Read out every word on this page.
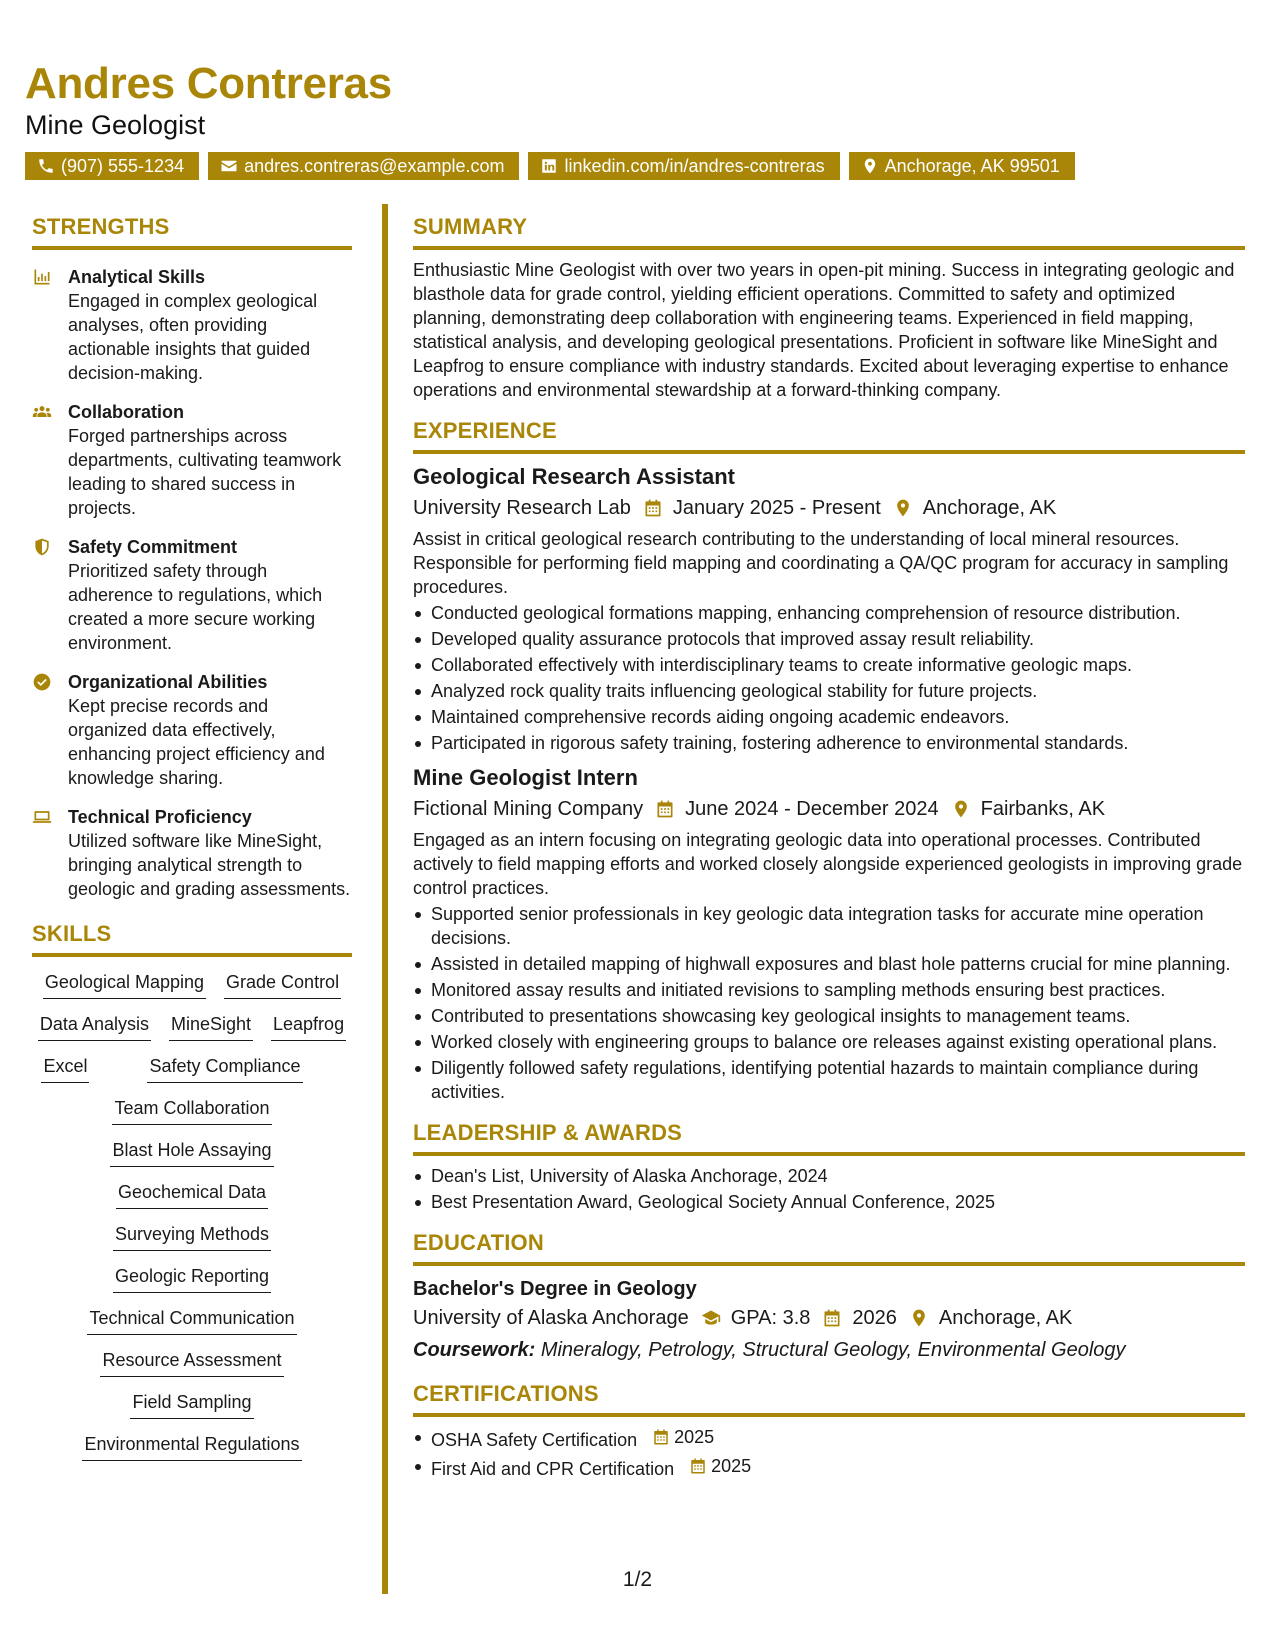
Andres Contreras
Mine Geologist
(907) 555-1234	andres.contreras@example.com	linkedin.com/in/andres-contreras	Anchorage, AK 99501
STRENGTHS
Analytical Skills
Engaged in complex geological analyses, often providing actionable insights that guided decision-making.
Collaboration
Forged partnerships across departments, cultivating teamwork leading to shared success in projects.
Safety Commitment
Prioritized safety through adherence to regulations, which created a more secure working environment.
Organizational Abilities
Kept precise records and organized data effectively, enhancing project efficiency and knowledge sharing.
Technical Proficiency
Utilized software like MineSight, bringing analytical strength to geologic and grading assessments.
SKILLS
Geological Mapping Grade Control
Data Analysis MineSight Leapfrog
Excel	Safety Compliance
Team Collaboration
Blast Hole Assaying
Geochemical Data
Surveying Methods
Geologic Reporting
Technical Communication
Resource Assessment
Field Sampling
Environmental Regulations
SUMMARY
Enthusiastic Mine Geologist with over two years in open-pit mining. Success in integrating geologic and blasthole data for grade control, yielding efficient operations. Committed to safety and optimized planning, demonstrating deep collaboration with engineering teams. Experienced in field mapping, statistical analysis, and developing geological presentations. Proficient in software like MineSight and Leapfrog to ensure compliance with industry standards. Excited about leveraging expertise to enhance operations and environmental stewardship at a forward-thinking company.
EXPERIENCE
Geological Research Assistant
University Research Lab January 2025 - Present Anchorage, AK
Assist in critical geological research contributing to the understanding of local mineral resources. Responsible for performing field mapping and coordinating a QA/QC program for accuracy in sampling procedures.
Conducted geological formations mapping, enhancing comprehension of resource distribution.
Developed quality assurance protocols that improved assay result reliability.
Collaborated effectively with interdisciplinary teams to create informative geologic maps.
Analyzed rock quality traits influencing geological stability for future projects.
Maintained comprehensive records aiding ongoing academic endeavors.
Participated in rigorous safety training, fostering adherence to environmental standards.
Mine Geologist Intern
Fictional Mining Company June 2024 - December 2024 Fairbanks, AK
Engaged as an intern focusing on integrating geologic data into operational processes. Contributed actively to field mapping efforts and worked closely alongside experienced geologists in improving grade control practices.
Supported senior professionals in key geologic data integration tasks for accurate mine operation decisions.
Assisted in detailed mapping of highwall exposures and blast hole patterns crucial for mine planning.
Monitored assay results and initiated revisions to sampling methods ensuring best practices.
Contributed to presentations showcasing key geological insights to management teams.
Worked closely with engineering groups to balance ore releases against existing operational plans.
Diligently followed safety regulations, identifying potential hazards to maintain compliance during activities.
LEADERSHIP & AWARDS
Dean's List, University of Alaska Anchorage, 2024
Best Presentation Award, Geological Society Annual Conference, 2025
EDUCATION
Bachelor's Degree in Geology
University of Alaska Anchorage GPA: 3.8 2026 Anchorage, AK
Coursework: Mineralogy, Petrology, Structural Geology, Environmental Geology
CERTIFICATIONS
OSHA Safety Certification 2025
First Aid and CPR Certification 2025
1/2
